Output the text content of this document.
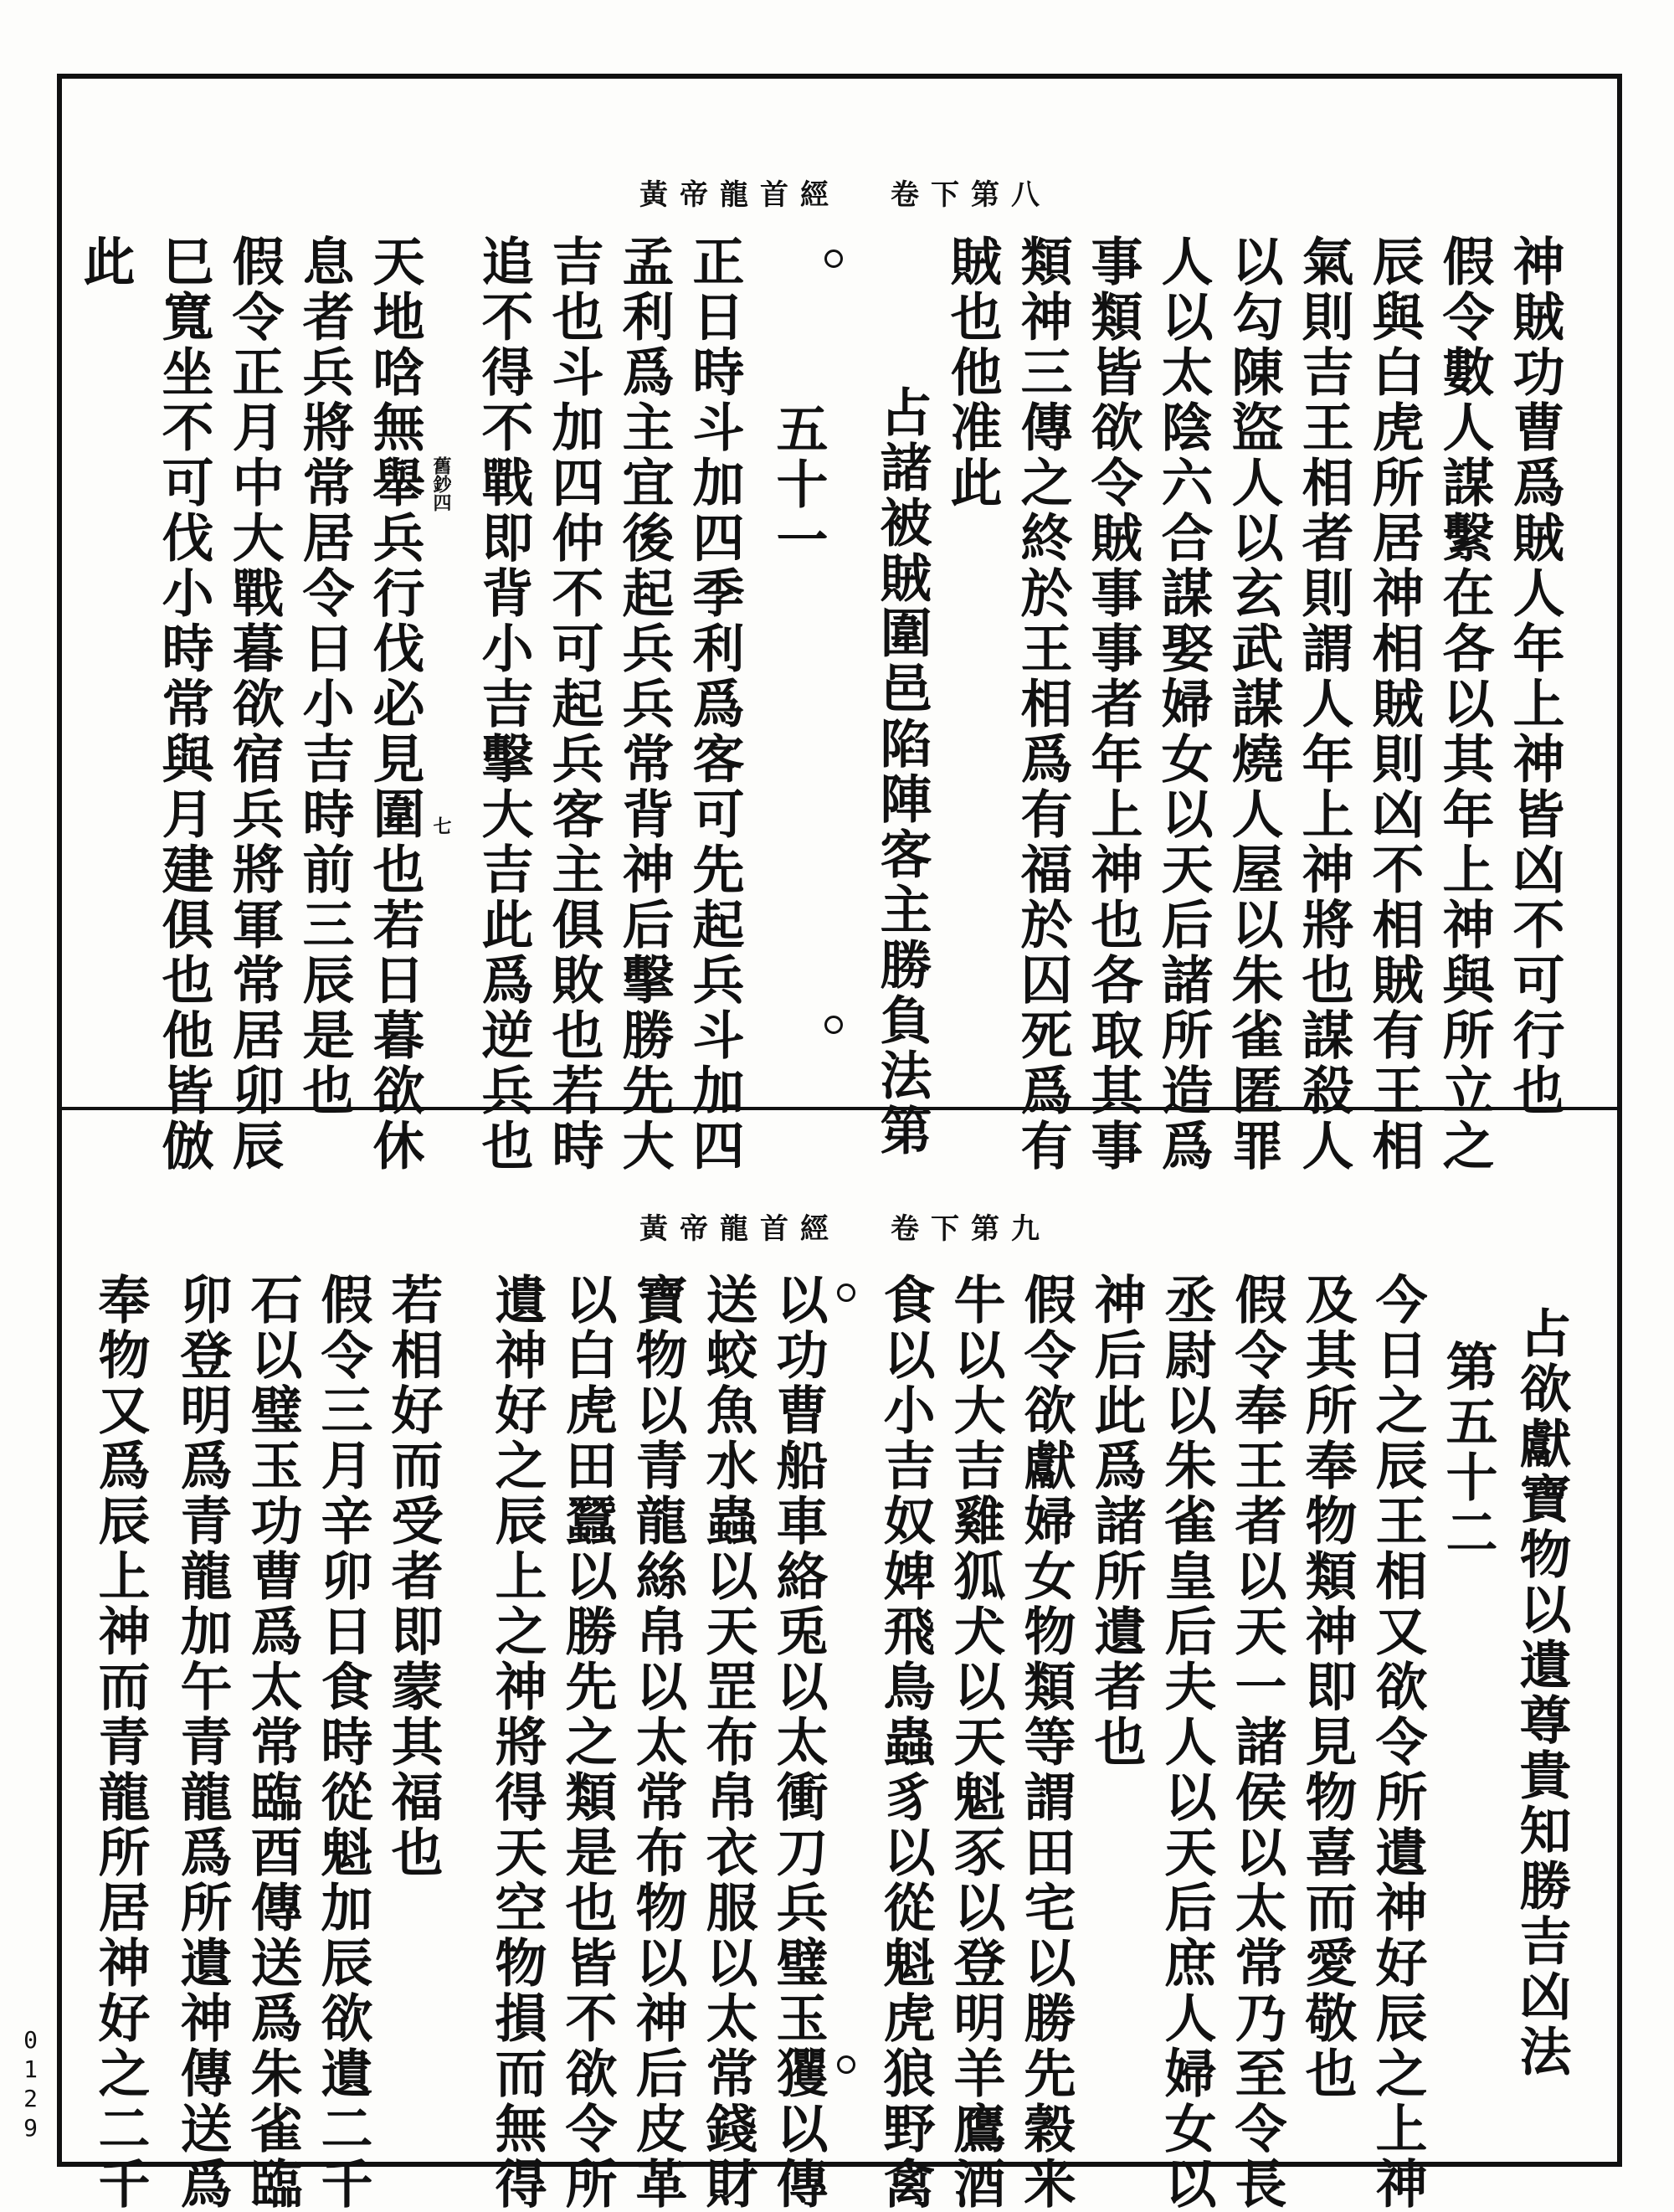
黃帝龍首經 卷下第八
神賊功曹爲賊人年上神皆凶不可行也
假令數人謀繫在各以其年上神與所立之
辰與白虎所居神相賊則凶不相賊有王相
氣則吉王相者則謂人年上神將也謀殺人
以勾陳盜人以玄武謀燒人屋以朱雀匿罪
人以太陰六合謀娶婦女以天后諸所造爲
事類皆欲令賊事事者年上神也各取其事
類神三傳之終於王相爲有福於囚死爲有
賊也他准此
占諸被賊圍邑陷陣客主勝負法第
五十一
正日時斗加四季利爲客可先起兵斗加四
孟利爲主宜後起兵兵常背神后擊勝先大
吉也斗加四仲不可起兵客主俱敗也若時
追不得不戰即背小吉擊大吉此爲逆兵也
天地唅無舉兵行伐必見圍也若日暮欲休
息者兵將常居令日小吉時前三辰是也
假令正月中大戰暮欲宿兵將軍常居卯辰
巳寬坐不可伐小時常與月建俱也他皆倣
此
七
舊鈔四
黃帝龍首經 卷下第九
占欲獻寶物以遺尊貴知勝吉凶法
第五十二
今日之辰王相又欲令所遺神好辰之上神
及其所奉物類神即見物喜而愛敬也
假令奉王者以天一諸侯以太常乃至令長
丞尉以朱雀皇后夫人以天后庶人婦女以
神后此爲諸所遺者也
假令欲獻婦女物類等謂田宅以勝先穀米
牛以大吉雞狐犬以天魁豕以登明羊鷹酒
食以小吉奴婢飛鳥蟲豸以從魁虎狼野禽
以功曹船車絡兎以太衝刀兵璧玉玃以傳
送蛟魚水蟲以天罡布帛衣服以太常錢財
寶物以青龍絲帛以太常布物以神后皮革
以白虎田蠶以勝先之類是也皆不欲令所
遺神好之辰上之神將得天空物損而無得
若相好而受者即蒙其福也
假令三月辛卯日食時從魁加辰欲遺二千
石以璧玉功曹爲太常臨酉傳送爲朱雀臨
卯登明爲青龍加午青龍爲所遺神傳送爲
奉物又爲辰上神而青龍所居神好之二千
0129
